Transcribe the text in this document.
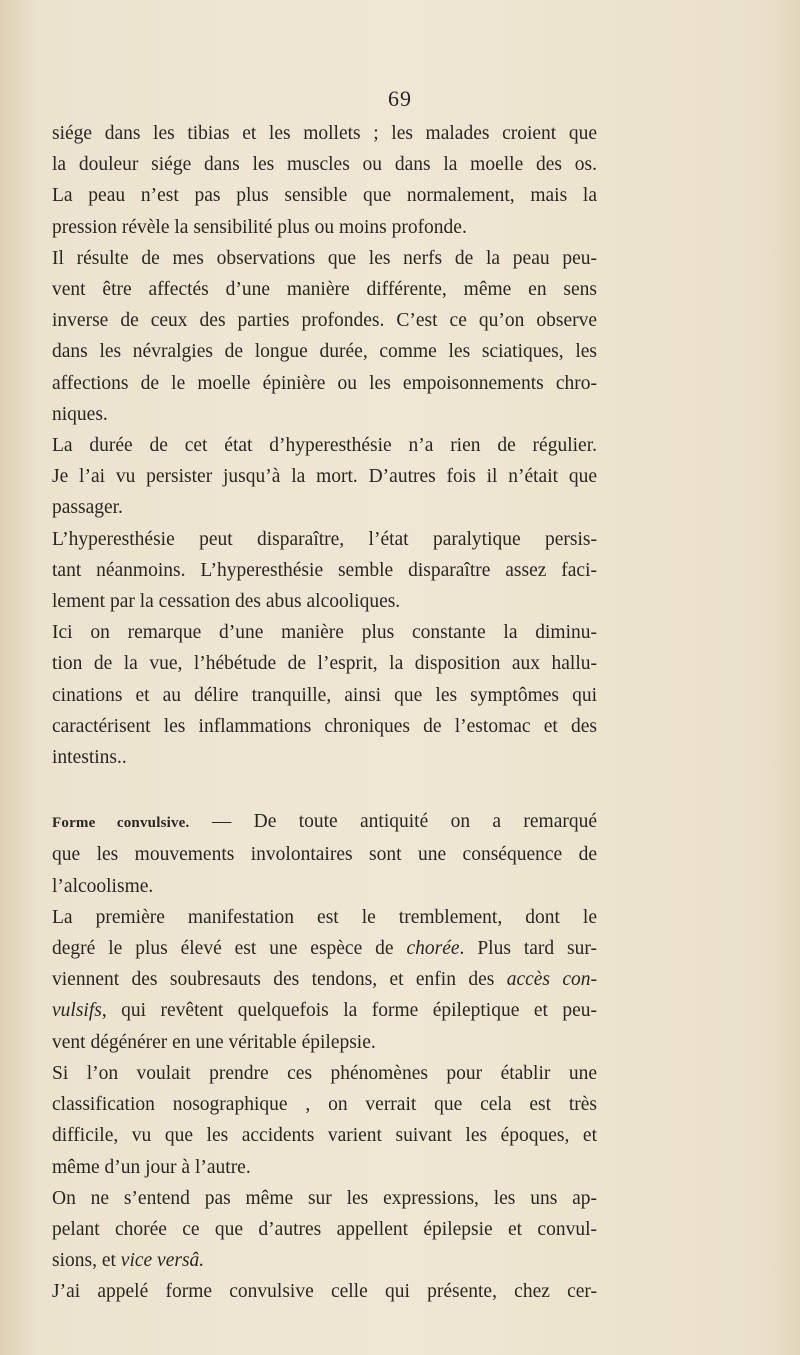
69
siége dans les tibias et les mollets ; les malades croient que
la douleur siége dans les muscles ou dans la moelle des os.
La peau n’est pas plus sensible que normalement, mais la
pression révèle la sensibilité plus ou moins profonde.
Il résulte de mes observations que les nerfs de la peau peu-
vent être affectés d’une manière différente, même en sens
inverse de ceux des parties profondes. C’est ce qu’on observe
dans les névralgies de longue durée, comme les sciatiques, les
affections de le moelle épinière ou les empoisonnements chro-
niques.
La durée de cet état d’hyperesthésie n’a rien de régulier.
Je l’ai vu persister jusqu’à la mort. D’autres fois il n’était que
passager.
L’hyperesthésie peut disparaître, l’état paralytique persis-
tant néanmoins. L’hyperesthésie semble disparaître assez faci-
lement par la cessation des abus alcooliques.
Ici on remarque d’une manière plus constante la diminu-
tion de la vue, l’hébétude de l’esprit, la disposition aux hallu-
cinations et au délire tranquille, ainsi que les symptômes qui
caractérisent les inflammations chroniques de l’estomac et des
intestins..
Forme convulsive. — De toute antiquité on a remarqué
que les mouvements involontaires sont une conséquence de
l’alcoolisme.
La première manifestation est le tremblement, dont le
degré le plus élevé est une espèce de chorée. Plus tard sur-
viennent des soubresauts des tendons, et enfin des accès con-
vulsifs, qui revêtent quelquefois la forme épileptique et peu-
vent dégénérer en une véritable épilepsie.
Si l’on voulait prendre ces phénomènes pour établir une
classification nosographique , on verrait que cela est très
difficile, vu que les accidents varient suivant les époques, et
même d’un jour à l’autre.
On ne s’entend pas même sur les expressions, les uns ap-
pelant chorée ce que d’autres appellent épilepsie et convul-
sions, et vice versâ.
J’ai appelé forme convulsive celle qui présente, chez cer-
